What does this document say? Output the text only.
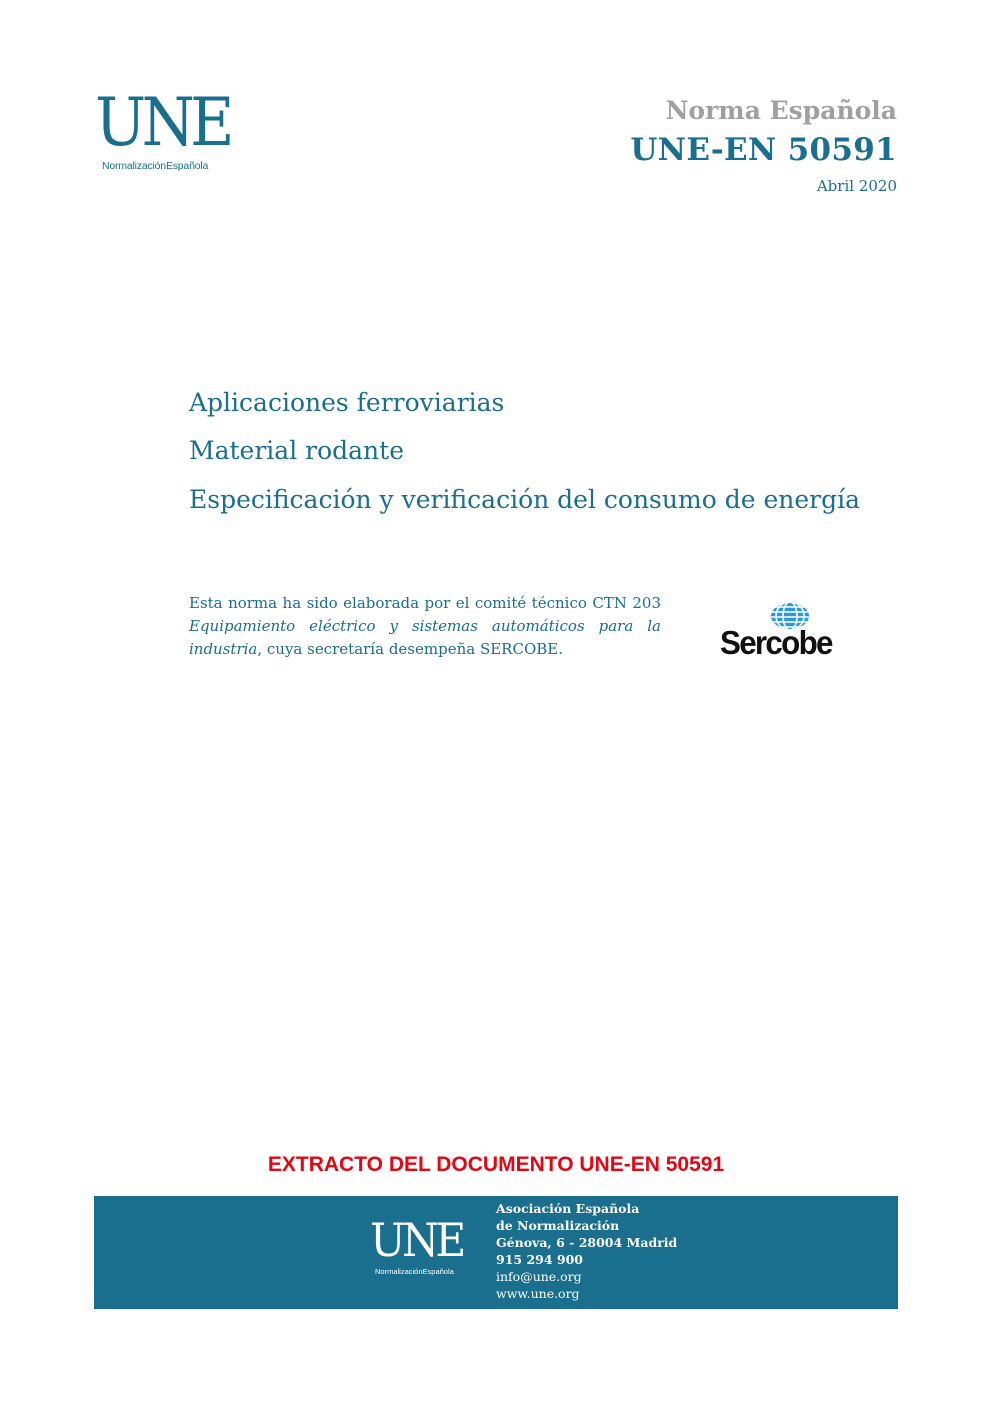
UNE
NormalizaciónEspañola
Norma Española
UNE-EN 50591
Abril 2020
Aplicaciones ferroviarias
Material rodante
Especificación y verificación del consumo de energía
Esta norma ha sido elaborada por el comité técnico CTN 203 Equipamiento eléctrico y sistemas automáticos para la industria, cuya secretaría desempeña SERCOBE.	Sercobe
EXTRACTO DEL DOCUMENTO UNE-EN 50591
UNE
NormalizaciónEspañola
Asociación Española
de Normalización
Génova, 6 - 28004 Madrid
915 294 900
info@une.org
www.une.org
